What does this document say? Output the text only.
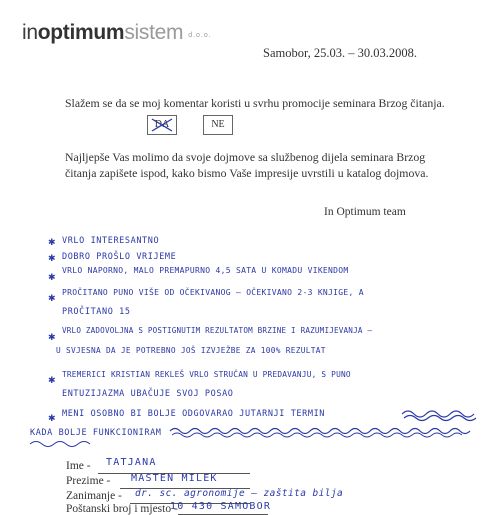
inoptimumsistem d.o.o.
Samobor, 25.03. – 30.03.2008.
Slažem se da se moj komentar koristi u svrhu promocije seminara Brzog čitanja.
DA	NE
Najljepše Vas molimo da svoje dojmove sa službenog dijela seminara Brzog
čitanja zapišete ispod, kako bismo Vaše impresije uvrstili u katalog dojmova.
In Optimum team
✱ VRLO INTERESANTNO
✱ DOBRO PROŠLO VRIJEME
✱
VRLO NAPORNO, MALO PREMAPURNO 4,5 SATA U KOMADU VIKENDOM
✱
PROČITANO PUNO VIŠE OD OČEKIVANOG – OČEKIVANO 2-3 KNJIGE, A
PROČITANO 15
✱
VRLO ZADOVOLJNA S POSTIGNUTIM REZULTATOM BRZINE I RAZUMIJEVANJA –
U SVJESNA DA JE POTREBNO JOŠ IZVJEŽBE ZA 100% REZULTAT
✱
TREMERICI KRISTIAN REKLEŠ VRLO STRUČAN U PREDAVANJU, S PUNO
ENTUZIJAZMA UBAČUJE SVOJ POSAO
✱ MENI OSOBNO BI BOLJE ODGOVARAO JUTARNJI TERMIN
KADA BOLJE FUNKCIONIRAM
Ime - TATJANA
Prezime - MASTEN MILEK
Zanimanje - dr. sc. agronomije – zaštita bilja
Poštanski broj i mjesto -
10 430 SAMOBOR
